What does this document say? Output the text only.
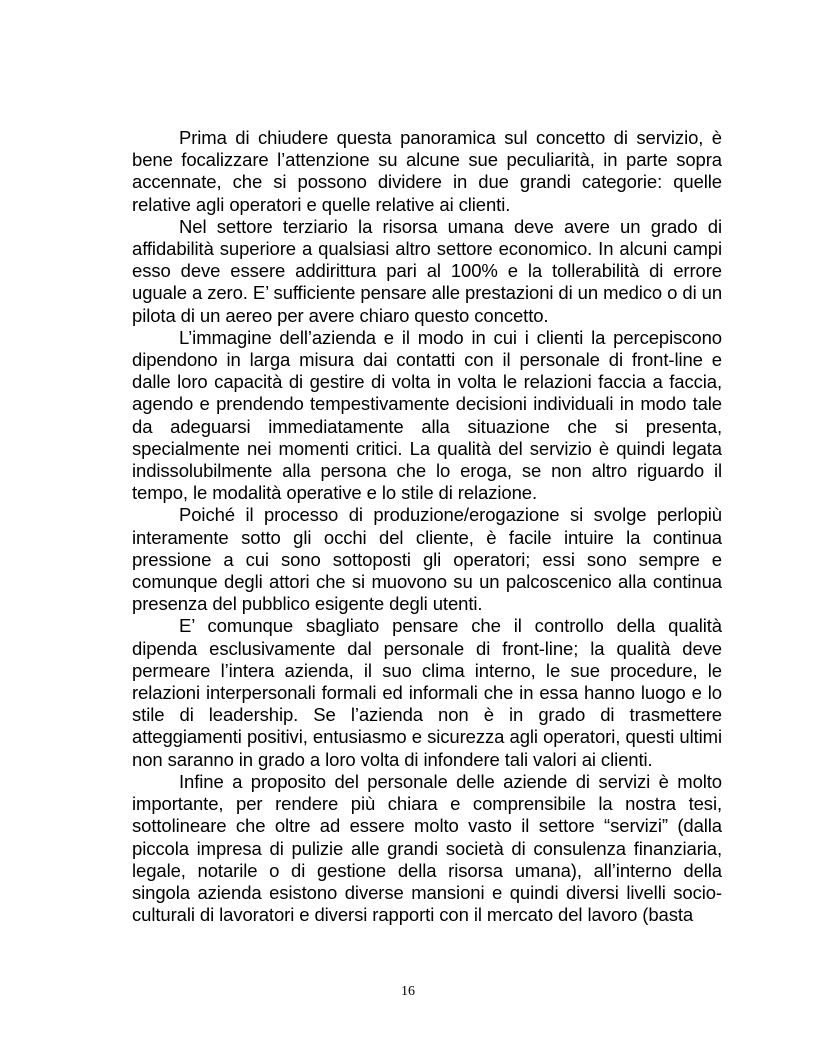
Prima di chiudere questa panoramica sul concetto di servizio, è bene focalizzare l’attenzione su alcune sue peculiarità, in parte sopra accennate, che si possono dividere in due grandi categorie: quelle relative agli operatori e quelle relative ai clienti.

Nel settore terziario la risorsa umana deve avere un grado di affidabilità superiore a qualsiasi altro settore economico. In alcuni campi esso deve essere addirittura pari al 100% e la tollerabilità di errore uguale a zero. E’ sufficiente pensare alle prestazioni di un medico o di un pilota di un aereo per avere chiaro questo concetto.

L’immagine dell’azienda e il modo in cui i clienti la percepiscono dipendono in larga misura dai contatti con il personale di front-line e dalle loro capacità di gestire di volta in volta le relazioni faccia a faccia, agendo e prendendo tempestivamente decisioni individuali in modo tale da adeguarsi immediatamente alla situazione che si presenta, specialmente nei momenti critici. La qualità del servizio è quindi legata indissolubilmente alla persona che lo eroga, se non altro riguardo il tempo, le modalità operative e lo stile di relazione.

Poiché il processo di produzione/erogazione si svolge perlopiù interamente sotto gli occhi del cliente, è facile intuire la continua pressione a cui sono sottoposti gli operatori; essi sono sempre e comunque degli attori che si muovono su un palcoscenico alla continua presenza del pubblico esigente degli utenti.

E’ comunque sbagliato pensare che il controllo della qualità dipenda esclusivamente dal personale di front-line; la qualità deve permeare l’intera azienda, il suo clima interno, le sue procedure, le relazioni interpersonali formali ed informali che in essa hanno luogo e lo stile di leadership. Se l’azienda non è in grado di trasmettere atteggiamenti positivi, entusiasmo e sicurezza agli operatori, questi ultimi non saranno in grado a loro volta di infondere tali valori ai clienti.

Infine a proposito del personale delle aziende di servizi è molto importante, per rendere più chiara e comprensibile la nostra tesi, sottolineare che oltre ad essere molto vasto il settore “servizi” (dalla piccola impresa di pulizie alle grandi società di consulenza finanziaria, legale, notarile o di gestione della risorsa umana), all’interno della singola azienda esistono diverse mansioni e quindi diversi livelli socio-culturali di lavoratori e diversi rapporti con il mercato del lavoro (basta

16
